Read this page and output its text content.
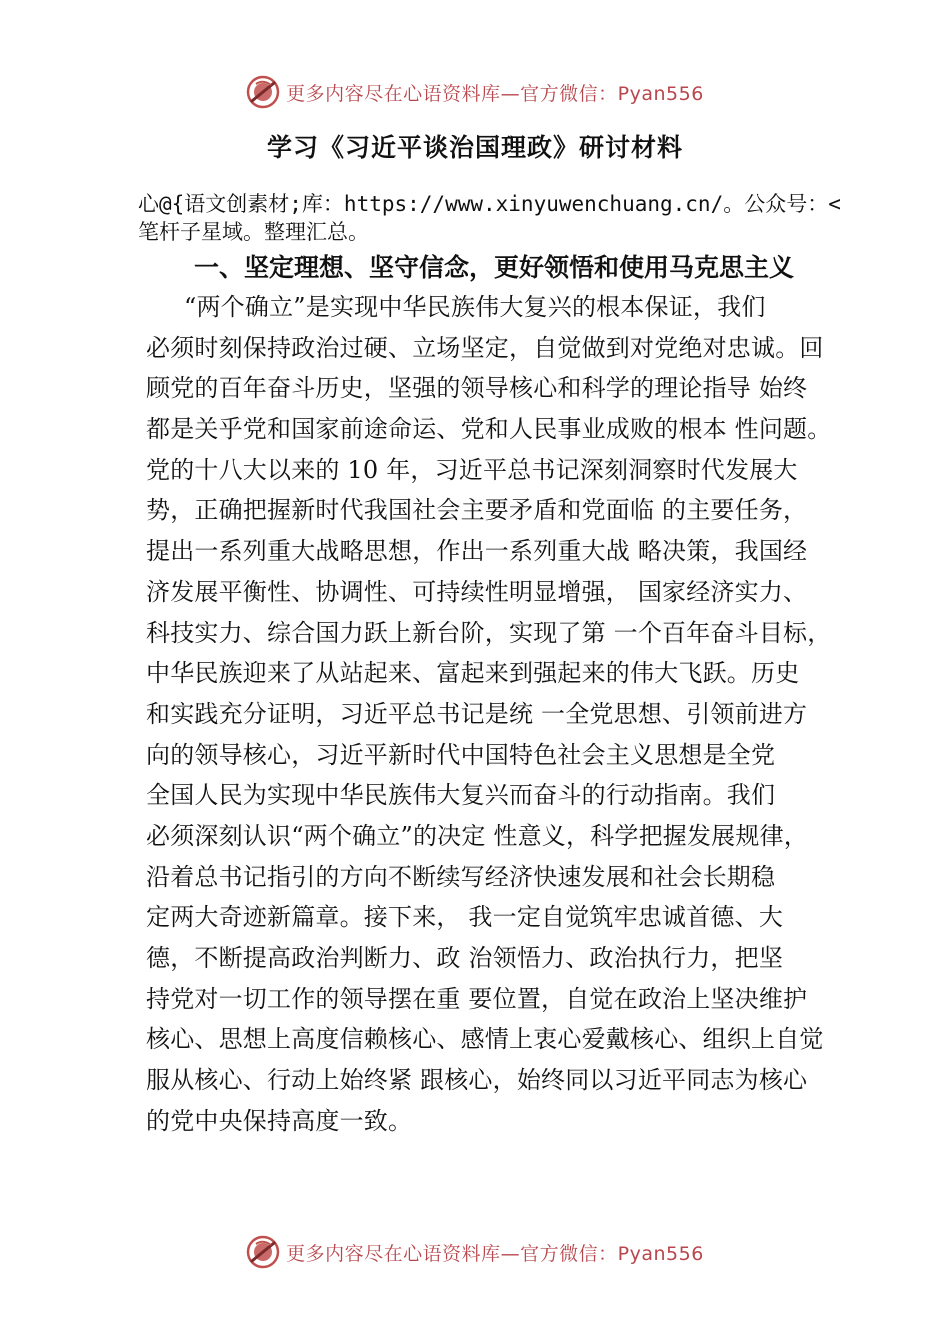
更多内容尽在心语资料库—官方微信：Pyan556
学习《习近平谈治国理政》研讨材料
心@{语文创素材;库：https://www.xinyuwenchuang.cn/。公众号：<笔杆子星域。整理汇总。
一、坚定理想、坚守信念，更好领悟和使用马克思主义
“两个确立”是实现中华民族伟大复兴的根本保证，我们
必须时刻保持政治过硬、立场坚定，自觉做到对党绝对忠诚。回
顾党的百年奋斗历史，坚强的领导核心和科学的理论指导 始终
都是关乎党和国家前途命运、党和人民事业成败的根本 性问题。
党的十八大以来的 10 年，习近平总书记深刻洞察时代发展大
势，正确把握新时代我国社会主要矛盾和党面临 的主要任务，
提出一系列重大战略思想，作出一系列重大战 略决策，我国经
济发展平衡性、协调性、可持续性明显增强， 国家经济实力、
科技实力、综合国力跃上新台阶，实现了第 一个百年奋斗目标，
中华民族迎来了从站起来、富起来到强起来的伟大飞跃。历史
和实践充分证明，习近平总书记是统 一全党思想、引领前进方
向的领导核心，习近平新时代中国特色社会主义思想是全党
全国人民为实现中华民族伟大复兴而奋斗的行动指南。我们
必须深刻认识“两个确立”的决定 性意义，科学把握发展规律，
沿着总书记指引的方向不断续写经济快速发展和社会长期稳
定两大奇迹新篇章。接下来， 我一定自觉筑牢忠诚首德、大
德，不断提高政治判断力、政 治领悟力、政治执行力，把坚
持党对一切工作的领导摆在重 要位置，自觉在政治上坚决维护
核心、思想上高度信赖核心、感情上衷心爱戴核心、组织上自觉
服从核心、行动上始终紧 跟核心，始终同以习近平同志为核心
的党中央保持高度一致。
更多内容尽在心语资料库—官方微信：Pyan556
